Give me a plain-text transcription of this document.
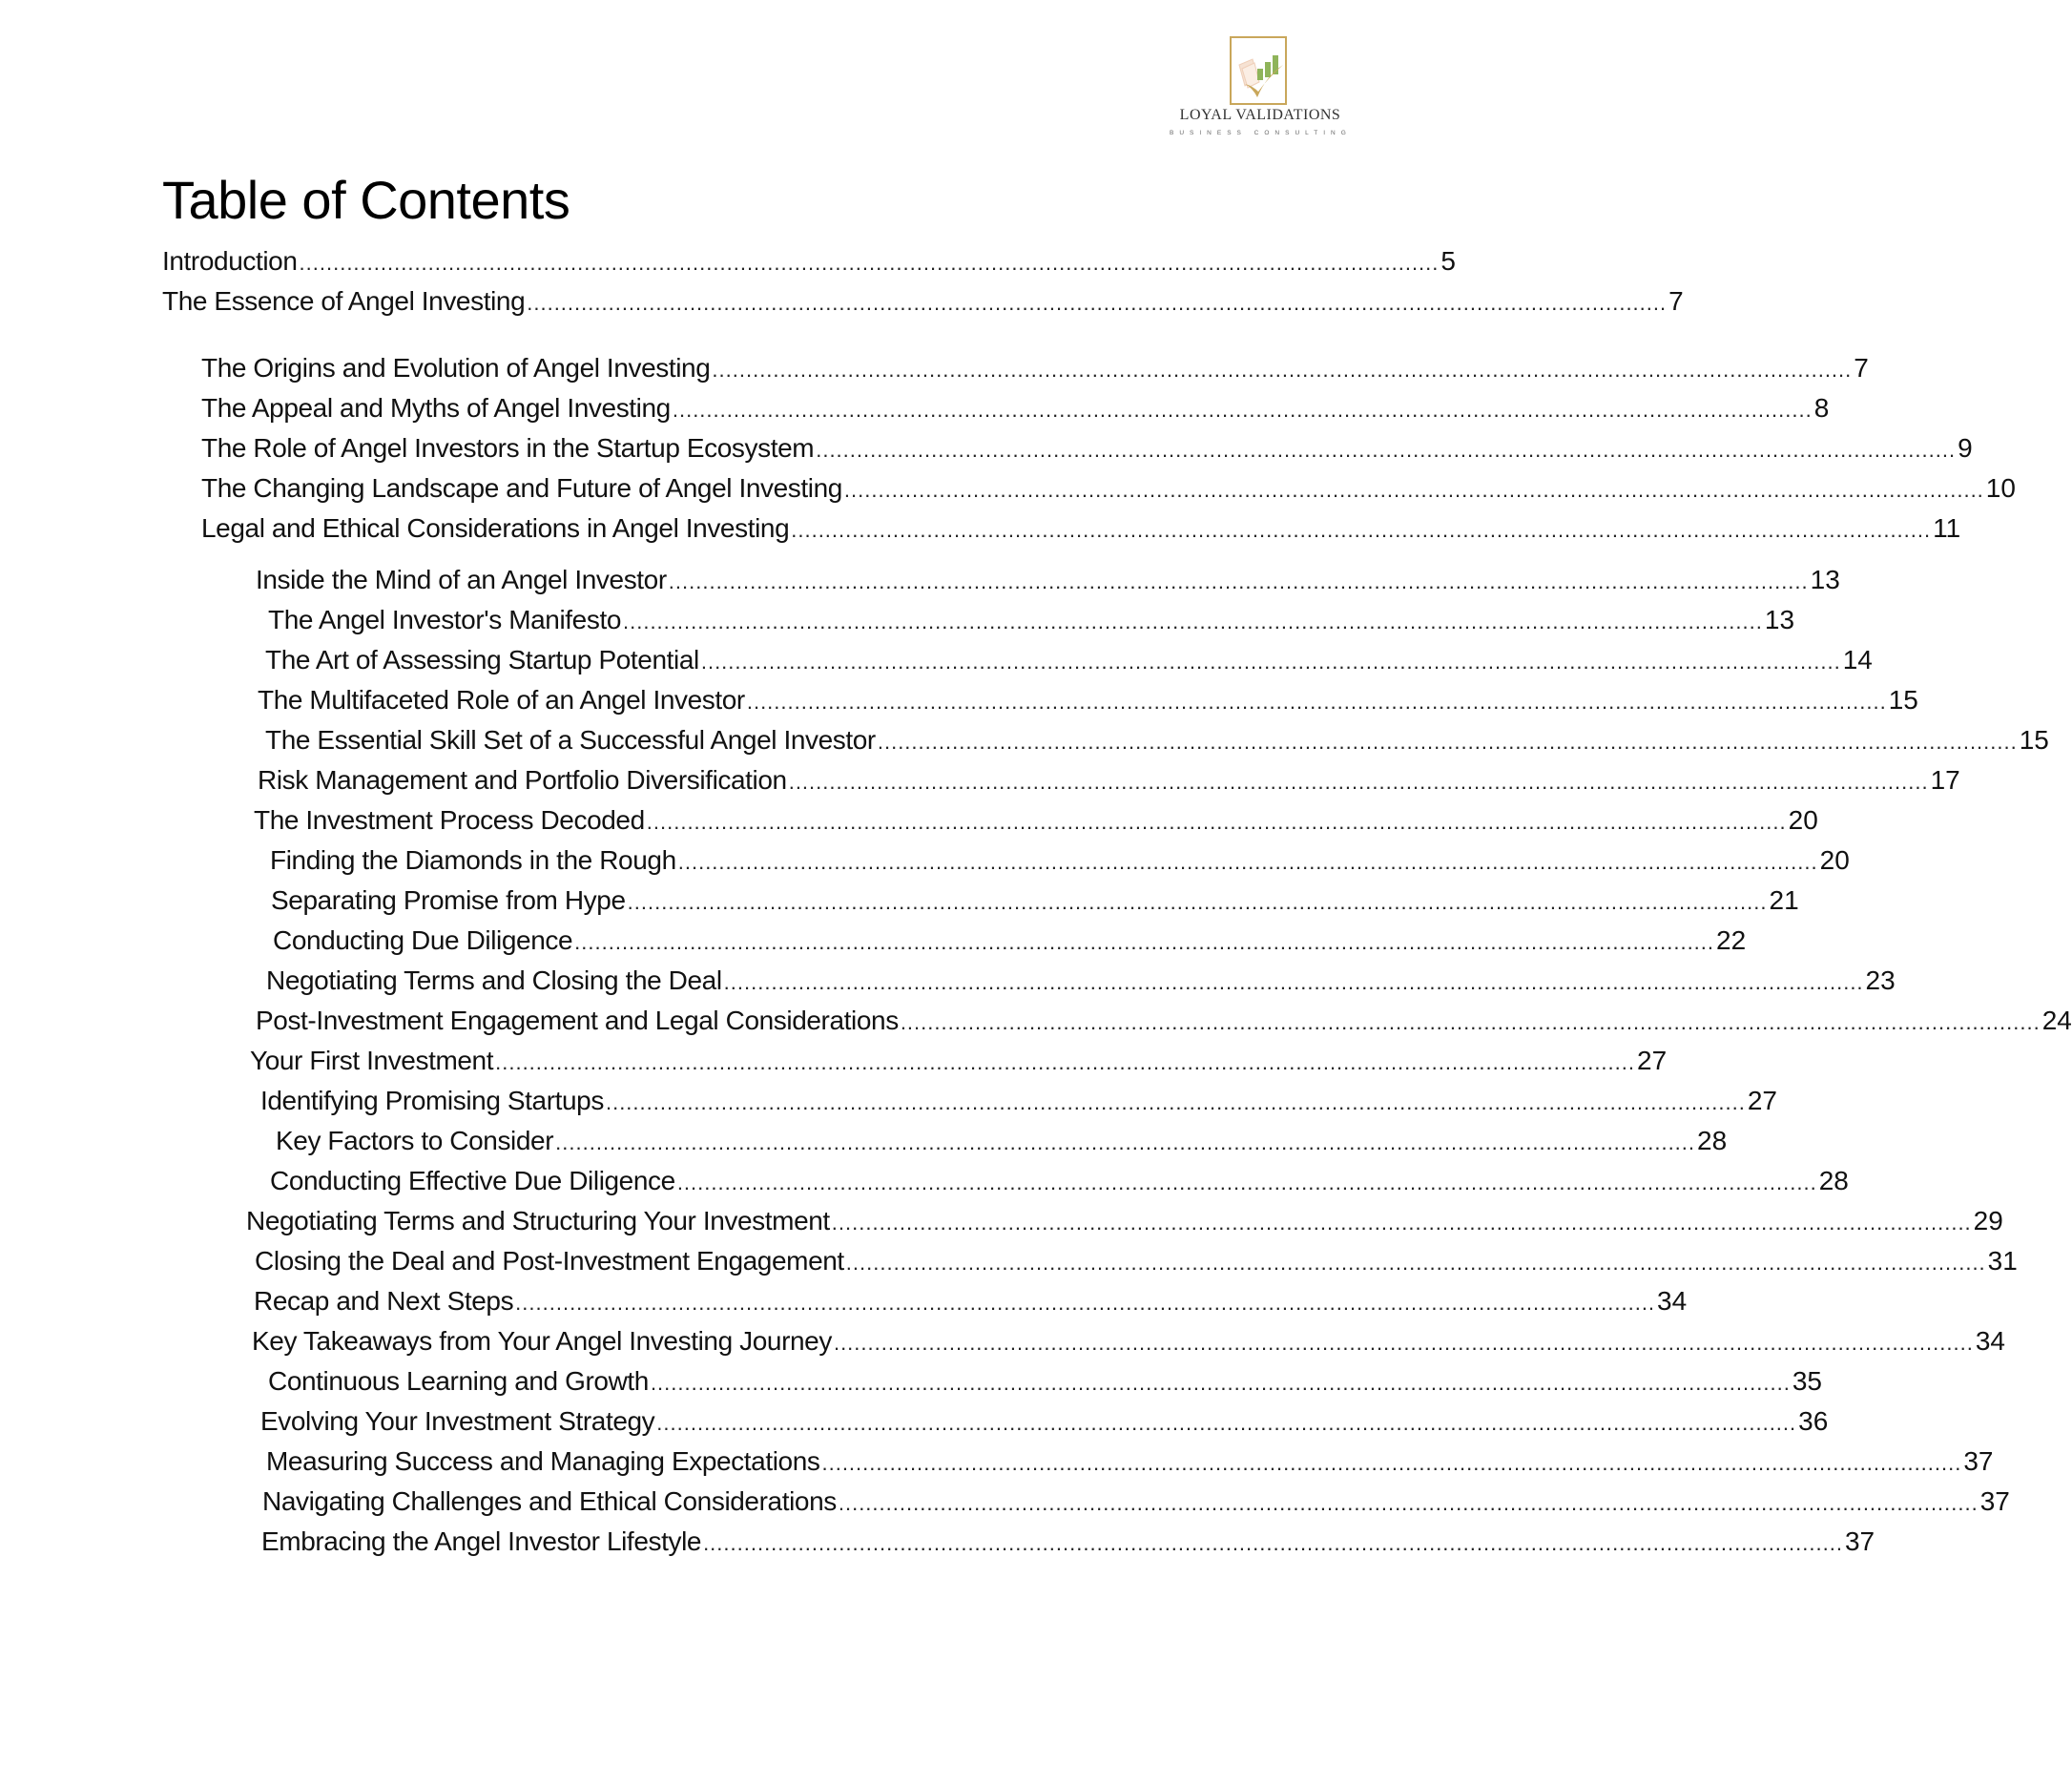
LOYAL VALIDATIONS
BUSINESS CONSULTING
Table of Contents
Introduction ........................................................................................................................................................................ 5
The Essence of Angel Investing ........................................................................................................................................................................ 7
The Origins and Evolution of Angel Investing ........................................................................................................................................................................ 7
The Appeal and Myths of Angel Investing ........................................................................................................................................................................ 8
The Role of Angel Investors in the Startup Ecosystem ........................................................................................................................................................................ 9
The Changing Landscape and Future of Angel Investing ........................................................................................................................................................................ 10
Legal and Ethical Considerations in Angel Investing ........................................................................................................................................................................ 11
Inside the Mind of an Angel Investor ........................................................................................................................................................................ 13
The Angel Investor's Manifesto ........................................................................................................................................................................ 13
The Art of Assessing Startup Potential ........................................................................................................................................................................ 14
The Multifaceted Role of an Angel Investor ........................................................................................................................................................................ 15
The Essential Skill Set of a Successful Angel Investor ........................................................................................................................................................................ 15
Risk Management and Portfolio Diversification ........................................................................................................................................................................ 17
The Investment Process Decoded ........................................................................................................................................................................ 20
Finding the Diamonds in the Rough ........................................................................................................................................................................ 20
Separating Promise from Hype ........................................................................................................................................................................ 21
Conducting Due Diligence ........................................................................................................................................................................ 22
Negotiating Terms and Closing the Deal ........................................................................................................................................................................ 23
Post-Investment Engagement and Legal Considerations ........................................................................................................................................................................ 24
Your First Investment ........................................................................................................................................................................ 27
Identifying Promising Startups ........................................................................................................................................................................ 27
Key Factors to Consider ........................................................................................................................................................................ 28
Conducting Effective Due Diligence ........................................................................................................................................................................ 28
Negotiating Terms and Structuring Your Investment ........................................................................................................................................................................ 29
Closing the Deal and Post-Investment Engagement ........................................................................................................................................................................ 31
Recap and Next Steps ........................................................................................................................................................................ 34
Key Takeaways from Your Angel Investing Journey ........................................................................................................................................................................ 34
Continuous Learning and Growth ........................................................................................................................................................................ 35
Evolving Your Investment Strategy ........................................................................................................................................................................ 36
Measuring Success and Managing Expectations ........................................................................................................................................................................ 37
Navigating Challenges and Ethical Considerations ........................................................................................................................................................................ 37
Embracing the Angel Investor Lifestyle ........................................................................................................................................................................ 37
